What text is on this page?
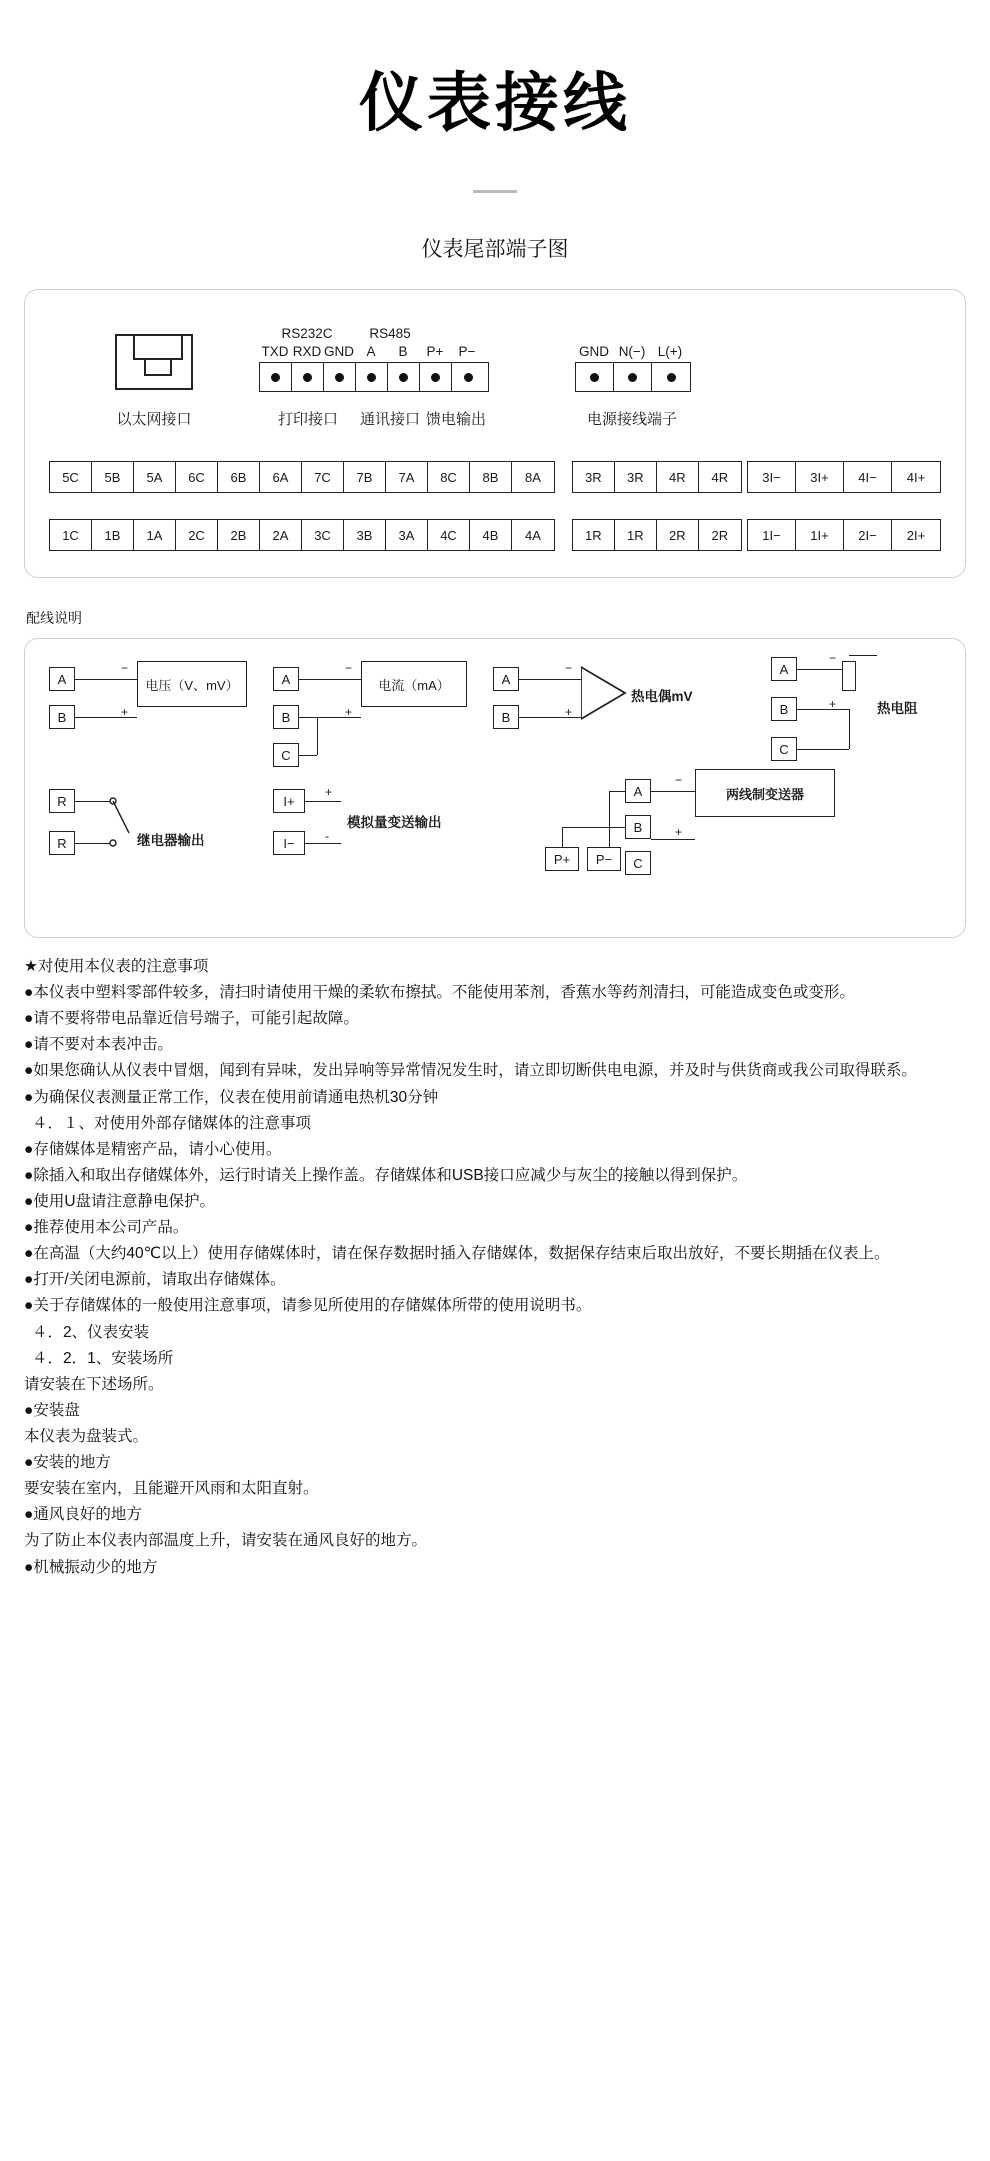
仪表接线
仪表尾部端子图
以太网接口
RS232C	RS485
TXD RXD GND A	B	P+	P−
打印接口	通讯接口 馈电输出
GND N(−) L(+)
电源接线端子
5C	5B	5A	6C	6B	6A	7C	7B	7A	8C	8B	8A	3R	3R	4R	4R	3I−	3I+	4I−	4I+
1C	1B	1A	2C	2B	2A	3C	3B	3A	4C	4B	4A	1R	1R	2R	2R	1I−	1I+	2I−	2I+
配线说明
A
B
−
+
电压（V、mV）	A
B
C
−
+
电流（mA）	A
B
−
+
热电偶mV
A
B
C
−
+	热电阻
R
R	继电器输出
I+
I−
+
-
模拟量变送输出
A
B
C
P+	P−
−
+
两线制变送器

★对使用本仪表的注意事项

●本仪表中塑料零部件较多，清扫时请使用干燥的柔软布擦拭。不能使用苯剂，香蕉水等药剂清扫，可能造成变色或变形。

●请不要将带电品靠近信号端子，可能引起故障。

●请不要对本表冲击。

●如果您确认从仪表中冒烟，闻到有异味，发出异响等异常情况发生时，请立即切断供电电源，并及时与供货商或我公司取得联系。

●为确保仪表测量正常工作，仪表在使用前请通电热机30分钟

４．１、对使用外部存储媒体的注意事项

●存储媒体是精密产品，请小心使用。

●除插入和取出存储媒体外，运行时请关上操作盖。存储媒体和USB接口应减少与灰尘的接触以得到保护。

●使用U盘请注意静电保护。

●推荐使用本公司产品。

●在高温（大约40℃以上）使用存储媒体时，请在保存数据时插入存储媒体，数据保存结束后取出放好，不要长期插在仪表上。

●打开/关闭电源前，请取出存储媒体。

●关于存储媒体的一般使用注意事项，请参见所使用的存储媒体所带的使用说明书。

４．2、仪表安装

４．2．1、安装场所

请安装在下述场所。

●安装盘

本仪表为盘装式。

●安装的地方

要安装在室内，且能避开风雨和太阳直射。

●通风良好的地方

为了防止本仪表内部温度上升，请安装在通风良好的地方。

●机械振动少的地方
